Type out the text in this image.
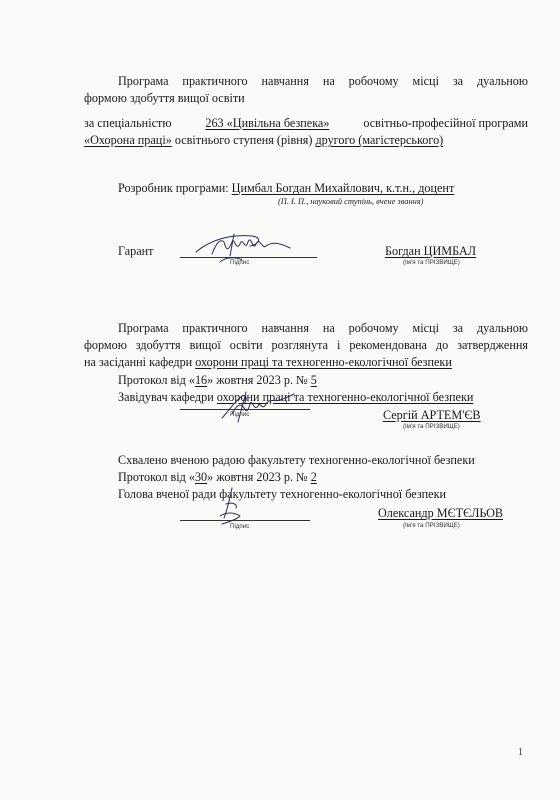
Програма практичного навчання на робочому місці за дуальною
формою здобуття вищої освіти
за спеціальністю	263 «Цивільна безпека»	освітньо-професійної програми
«Охорона праці» освітнього ступеня (рівня) другого (магістерського)
Розробник програми: Цимбал Богдан Михайлович, к.т.н., доцент
(П. І. П., науковий ступінь, вчене звання)
Гарант
Підпис
Богдан ЦИМБАЛ
(Ім'я та ПРІЗВИЩЕ)
Програма практичного навчання на робочому місці за дуальною
формою здобуття вищої освіти розглянута і рекомендована до затвердження
на засіданні кафедри охорони праці та техногенно-екологічної безпеки
Протокол від «16» жовтня 2023 р. № 5
Завідувач кафедри охорони праці та техногенно-екологічної безпеки
Підпис	Сергій АРТЕМ'ЄВ
(Ім'я та ПРІЗВИЩЕ)
Схвалено вченою радою факультету техногенно-екологічної безпеки
Протокол від «30» жовтня 2023 р. № 2
Голова вченої ради факультету техногенно-екологічної безпеки
Підпис
Олександр МЄТЄЛЬОВ
(Ім'я та ПРІЗВИЩЕ)
1
